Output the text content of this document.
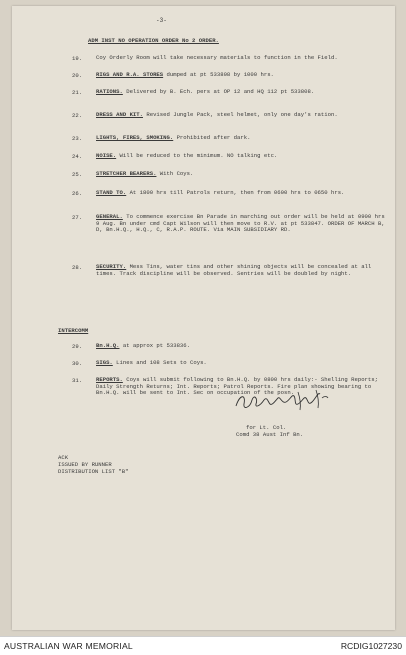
-3-
ADM INST NO OPERATION ORDER No 2 ORDER.
19. Coy Orderly Room will take necessary materials to function in the Field.
20. RIGS AND R.A. STORES dumped at pt 533808 by 1000 hrs.
21. RATIONS. Delivered by B. Ech. pers at OP 12 and HQ 112 pt 533808.
22. DRESS AND KIT. Revised Jungle Pack, steel helmet, only one day's ration.
23. LIGHTS, FIRES, SMOKING. Prohibited after dark.
24. NOISE. Will be reduced to the minimum. NO talking etc.
25. STRETCHER BEARERS. With Coys.
26. STAND TO. At 1800 hrs till Patrols return, then from 0600 hrs to 0650 hrs.
27. GENERAL. To commence exercise Bn Parade in marching out order will be held at 0900 hrs 9 Aug. Bn under cmd Capt Wilson will then move to R.V. at pt 533847. ORDER OF MARCH B, D, Bn.H.Q., H.Q., C, R.A.P. ROUTE. Via MAIN SUBSIDIARY RD.
28. SECURITY. Mess Tins, water tins and other shining objects will be concealed at all times. Track discipline will be observed. Sentries will be doubled by night.
INTERCOMM
29. Bn.H.Q. at approx pt 533836.
30. SIGS. Lines and 108 Sets to Coys.
31. REPORTS. Coys will submit following to Bn.H.Q. by 0800 hrs daily:- Shelling Reports; Daily Strength Returns; Int. Reports; Patrol Reports. Fire plan showing bearing to Bn.H.Q. will be sent to Int. Sec on occupation of the posn.
for Lt. Col.
Comd 38 Aust Inf Bn.
ACK
ISSUED BY RUNNER
DISTRIBUTION LIST "B"
AUSTRALIAN WAR MEMORIAL	RCDIG1027230
